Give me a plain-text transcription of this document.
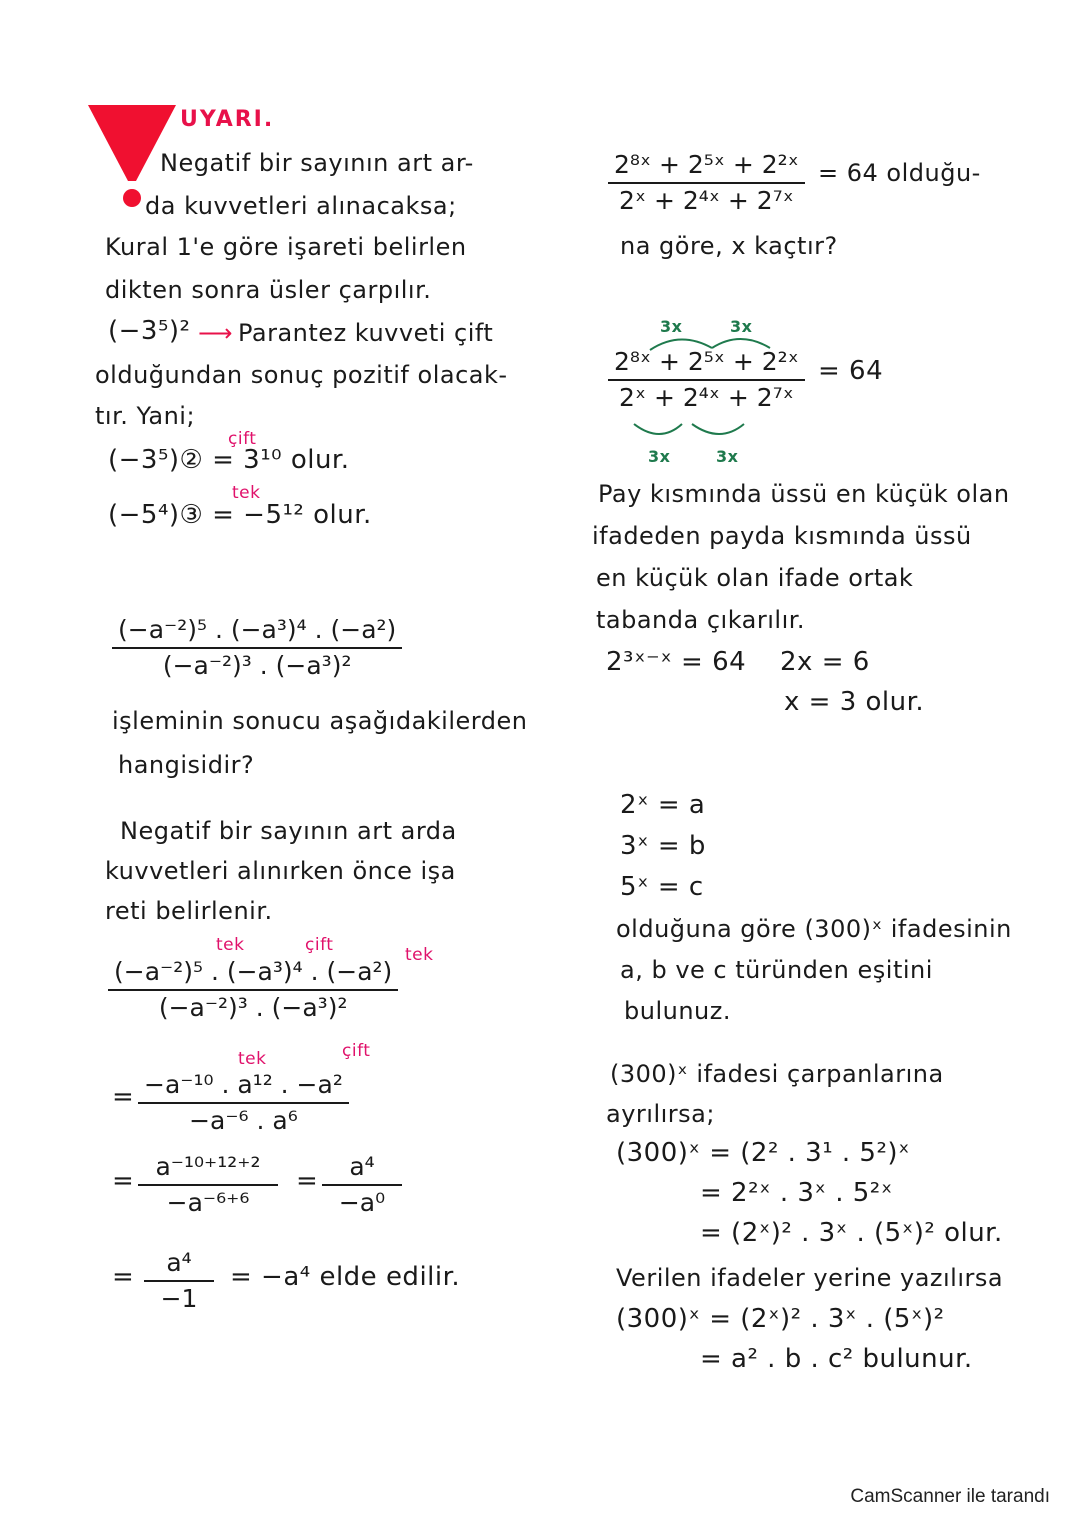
UYARI.
Negatif bir sayının art ar-
da kuvvetleri alınacaksa;
Kural 1'e göre işareti belirlen
dikten sonra üsler çarpılır.
(−3⁵)² ⟶ Parantez kuvveti çift
olduğundan sonuç pozitif olacak-
tır. Yani;
çift
(−3⁵)② = 3¹⁰ olur.
tek
(−5⁴)③ = −5¹² olur.
(−a⁻²)⁵ . (−a³)⁴ . (−a²)
(−a⁻²)³ . (−a³)²
işleminin sonucu aşağıdakilerden
hangisidir?
Negatif bir sayının art arda
kuvvetleri alınırken önce işa
reti belirlenir.
tek	çift	tek
(−a⁻²)⁵ . (−a³)⁴ . (−a²)
(−a⁻²)³ . (−a³)²
tek	çift
= −a⁻¹⁰ . a¹² . −a²
−a⁻⁶ . a⁶
= a⁻¹⁰⁺¹²⁺²
−a⁻⁶⁺⁶
= a⁴
−a⁰
= a⁴
−1
= −a⁴ elde edilir.
2⁸ˣ + 2⁵ˣ + 2²ˣ
2ˣ + 2⁴ˣ + 2⁷ˣ
= 64 olduğu-
na göre, x kaçtır?
3x	3x
2⁸ˣ + 2⁵ˣ + 2²ˣ
2ˣ + 2⁴ˣ + 2⁷ˣ
= 64
3x	3x
Pay kısmında üssü en küçük olan
ifadeden payda kısmında üssü
en küçük olan ifade ortak
tabanda çıkarılır.
2³ˣ⁻ˣ = 64 2x = 6
x = 3 olur.
2ˣ = a
3ˣ = b
5ˣ = c
olduğuna göre (300)ˣ ifadesinin
a, b ve c türünden eşitini
bulunuz.
(300)ˣ ifadesi çarpanlarına
ayrılırsa;
(300)ˣ = (2² . 3¹ . 5²)ˣ
= 2²ˣ . 3ˣ . 5²ˣ
= (2ˣ)² . 3ˣ . (5ˣ)² olur.
Verilen ifadeler yerine yazılırsa
(300)ˣ = (2ˣ)² . 3ˣ . (5ˣ)²
= a² . b . c² bulunur.
CamScanner ile tarandı
